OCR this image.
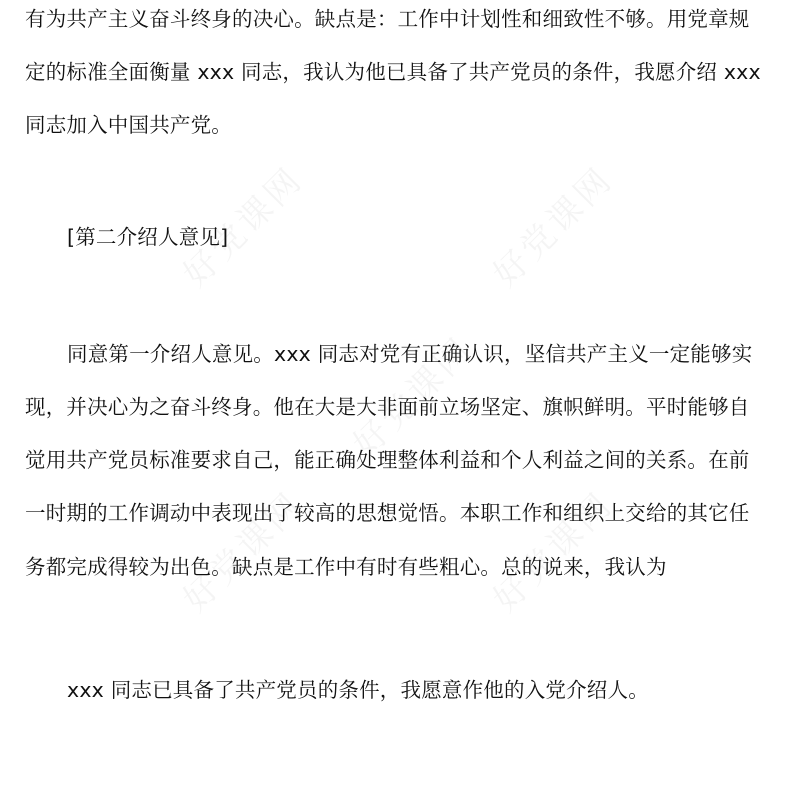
有为共产主义奋斗终身的决心。缺点是：工作中计划性和细致性不够。用党章规
定的标准全面衡量 xxx 同志，我认为他已具备了共产党员的条件，我愿介绍 xxx
同志加入中国共产党。
[第二介绍人意见]
同意第一介绍人意见。xxx 同志对党有正确认识，坚信共产主义一定能够实
现，并决心为之奋斗终身。他在大是大非面前立场坚定、旗帜鲜明。平时能够自
觉用共产党员标准要求自己，能正确处理整体利益和个人利益之间的关系。在前
一时期的工作调动中表现出了较高的思想觉悟。本职工作和组织上交给的其它任
务都完成得较为出色。缺点是工作中有时有些粗心。总的说来，我认为
xxx 同志已具备了共产党员的条件，我愿意作他的入党介绍人。
